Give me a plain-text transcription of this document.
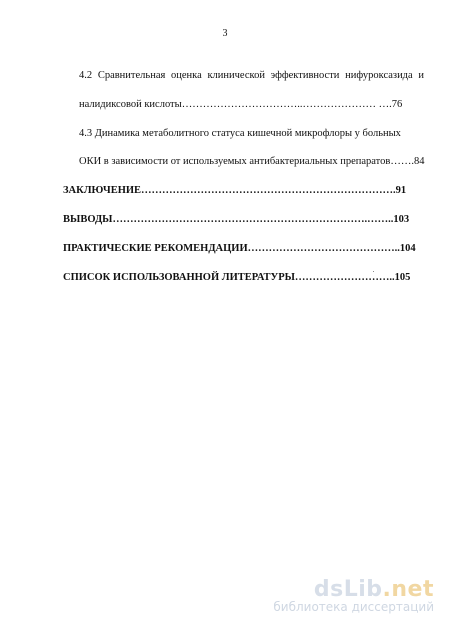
3
4.2 Сравнительная оценка клинической эффективности нифуроксазида и
налидиксовой кислоты……………………………..………………… ….76
4.3 Динамика метаболитного статуса кишечной микрофлоры у больных
ОКИ в зависимости от используемых антибактериальных препаратов…….84
ЗАКЛЮЧЕНИЕ……………………………………………………………….91
ВЫВОДЫ……………………………………………………………….……..103
ПРАКТИЧЕСКИЕ РЕКОМЕНДАЦИИ……………………………………..104
СПИСОК ИСПОЛЬЗОВАННОЙ ЛИТЕРАТУРЫ………………………..105
dsLib.net
библиотека диссертаций
